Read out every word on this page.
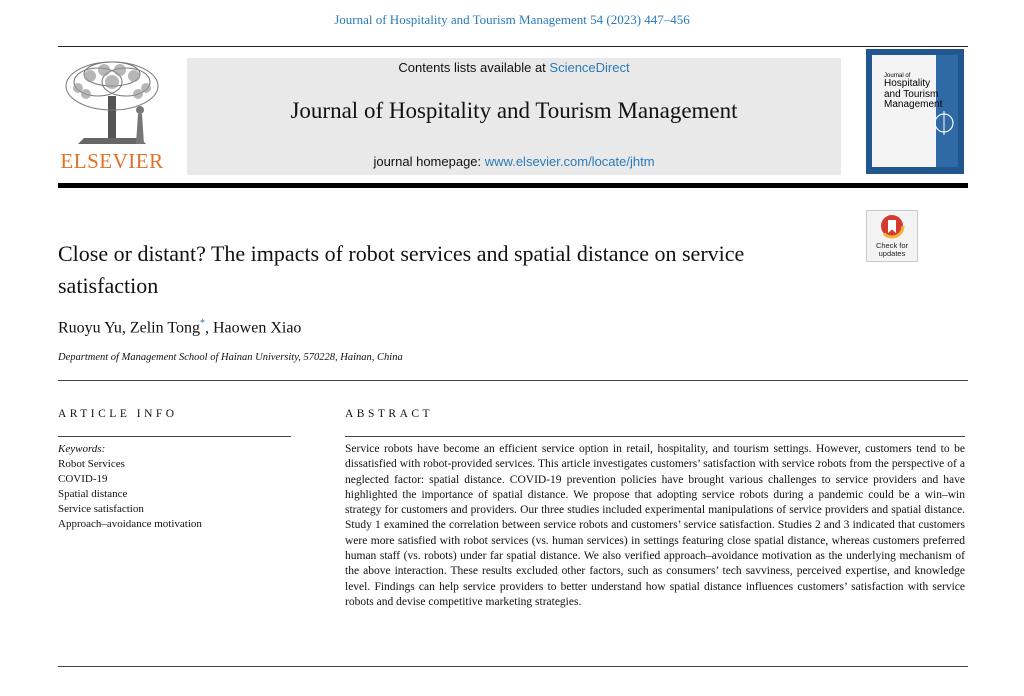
Journal of Hospitality and Tourism Management 54 (2023) 447–456
ELSEVIER
Contents lists available at ScienceDirect
Journal of Hospitality and Tourism Management
journal homepage: www.elsevier.com/locate/jhtm
Journal of
Hospitality
and Tourism
Management
Check for
updates
Close or distant? The impacts of robot services and spatial distance on service satisfaction
Ruoyu Yu, Zelin Tong*, Haowen Xiao
Department of Management School of Hainan University, 570228, Hainan, China
ARTICLE INFO	ABSTRACT
Keywords:
Robot Services
COVID-19
Spatial distance
Service satisfaction
Approach–avoidance motivation
Service robots have become an efficient service option in retail, hospitality, and tourism settings. However, customers tend to be dissatisfied with robot-provided services. This article investigates customers’ satisfaction with service robots from the perspective of a neglected factor: spatial distance. COVID-19 prevention policies have brought various challenges to service providers and have highlighted the importance of spatial distance. We propose that adopting service robots during a pandemic could be a win–win strategy for customers and providers. Our three studies included experimental manipulations of service providers and spatial distance. Study 1 examined the correlation between service robots and customers’ service satisfaction. Studies 2 and 3 indicated that customers were more satisfied with robot services (vs. human services) in settings featuring close spatial distance, whereas customers preferred human staff (vs. robots) under far spatial distance. We also verified approach–avoidance motivation as the underlying mechanism of the above interaction. These results excluded other factors, such as consumers’ tech savviness, perceived expertise, and knowledge level. Findings can help service providers to better understand how spatial distance influences customers’ satisfaction with service robots and devise competitive marketing strategies.
